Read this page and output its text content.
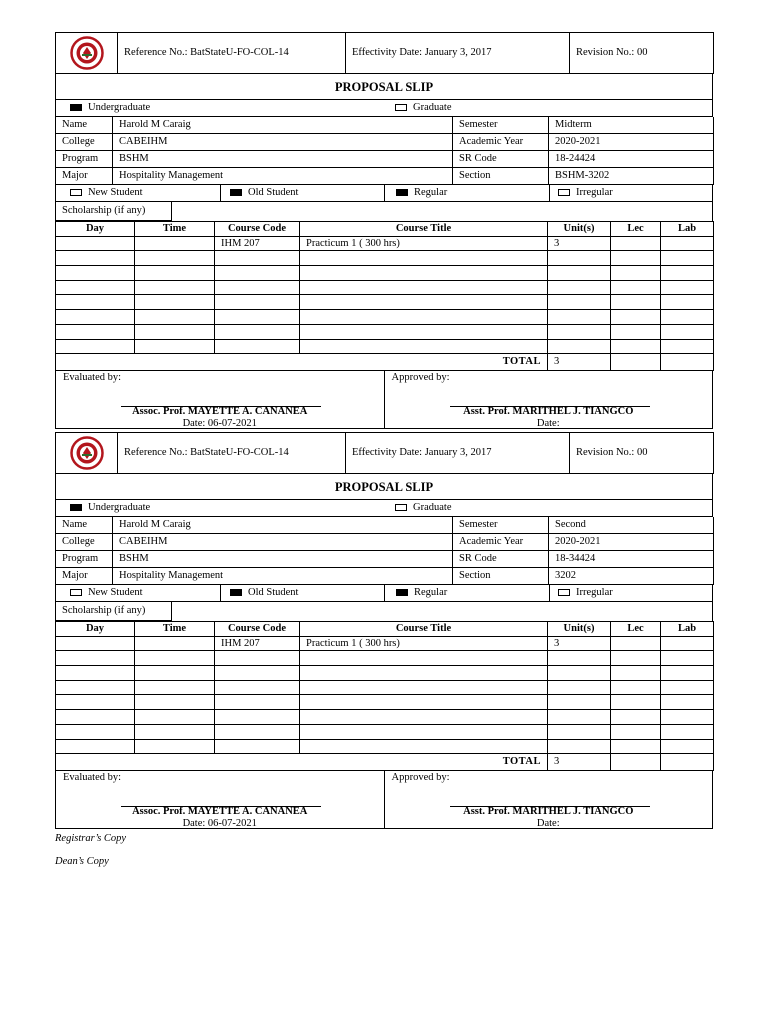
	Reference No.: BatStateU-FO-COL-14	Effectivity Date: January 3, 2017	Revision No.: 00
PROPOSAL SLIP
Undergraduate	Graduate
Name	Harold M Caraig	Semester	Midterm
College	CABEIHM	Academic Year	2020-2021
Program	BSHM	SR Code	18-24424
Major	Hospitality Management	Section	BSHM-3202
New Student	Old Student	Regular	Irregular
Scholarship (if any)
Day	Time	Course Code	Course Title	Unit(s)	Lec	Lab
		IHM 207	Practicum 1 ( 300 hrs)	3		

TOTAL				3		
Evaluated by:
Assoc. Prof. MAYETTE A. CANANEA
Date: 06-07-2021
Approved by:
Asst. Prof. MARITHEL J. TIANGCO
Date:
	Reference No.: BatStateU-FO-COL-14	Effectivity Date: January 3, 2017	Revision No.: 00
PROPOSAL SLIP
Undergraduate	Graduate
Name	Harold M Caraig	Semester	Second
College	CABEIHM	Academic Year	2020-2021
Program	BSHM	SR Code	18-34424
Major	Hospitality Management	Section	3202
New Student	Old Student	Regular	Irregular
Scholarship (if any)
Day	Time	Course Code	Course Title	Unit(s)	Lec	Lab
		IHM 207	Practicum 1 ( 300 hrs)	3		

TOTAL				3		
Evaluated by:
Assoc. Prof. MAYETTE A. CANANEA
Date: 06-07-2021
Approved by:
Asst. Prof. MARITHEL J. TIANGCO
Date:
Registrar’s Copy
Dean’s Copy
